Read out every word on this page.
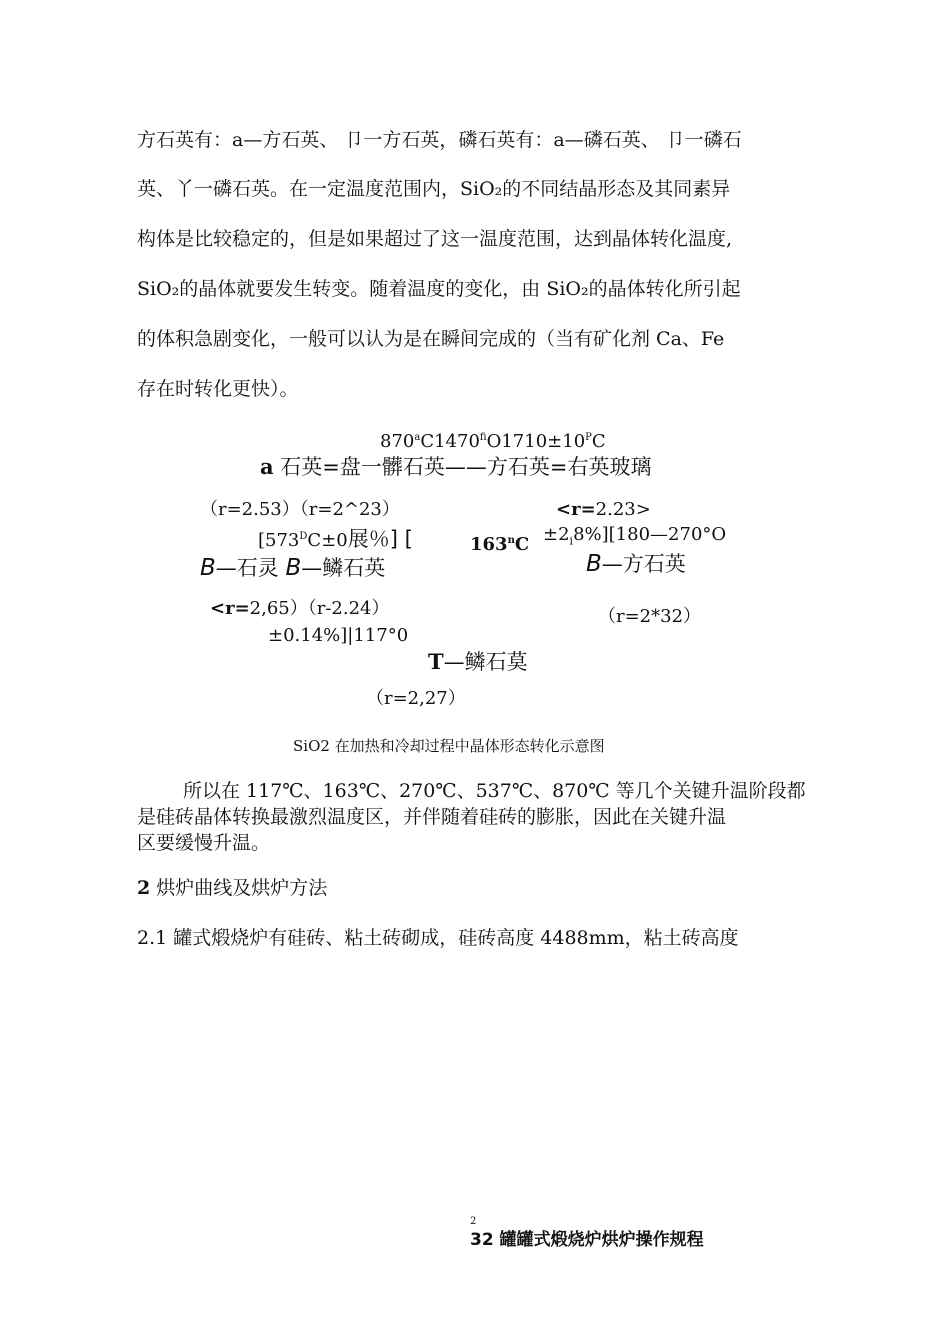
方石英有：a—方石英、 卩一方石英，磷石英有：a—磷石英、 卩一磷石
英、丫一磷石英。在一定温度范围内，SiO₂的不同结晶形态及其同素异
构体是比较稳定的，但是如果超过了这一温度范围，达到晶体转化温度,
SiO₂的晶体就要发生转变。随着温度的变化，由 SiO₂的晶体转化所引起
的体积急剧变化，一般可以认为是在瞬间完成的（当有矿化剂 Ca、Fe
存在时转化更快）。
$870^aC1470^{fi}O1710\pm 10^PC$
a 石英=盘一髒石英——方石英=右英玻璃
（r=2.53）（r=2^23）	<r=2.23>
[$573^DC\pm 0$展％] [	$163^nC$ $\pm 2_i8\%][180—270^\circ O$
B—石灵 B—鳞石英	B—方石英
<r=2,65）（r-2.24）	（r=2*32）
±0.14%]|117°0
T—鳞石莫
（r=2,27）
SiO2 在加热和冷却过程中晶体形态转化示意图
所以在 117℃、163℃、270℃、537℃、870℃ 等几个关键升温阶段都
是硅砖晶体转换最激烈温度区，并伴随着硅砖的膨胀，因此在关键升温
区要缓慢升温。
2 烘炉曲线及烘炉方法
2.1 罐式煅烧炉有硅砖、粘土砖砌成，硅砖高度 4488mm，粘土砖高度
2
32 罐罐式煅烧炉烘炉操作规程
